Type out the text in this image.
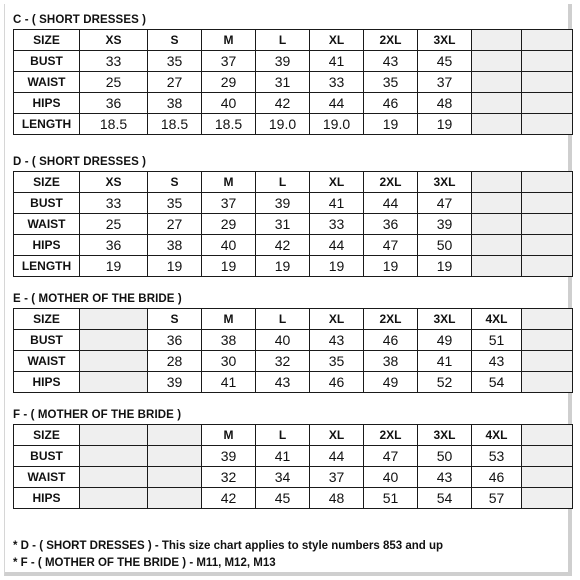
C - ( SHORT DRESSES )
SIZE	XS	S	M	L	XL	2XL	3XL		
BUST	33	35	37	39	41	43	45		
WAIST	25	27	29	31	33	35	37		
HIPS	36	38	40	42	44	46	48		
LENGTH	18.5	18.5	18.5	19.0	19.0	19	19		
D - ( SHORT DRESSES )
SIZE	XS	S	M	L	XL	2XL	3XL		
BUST	33	35	37	39	41	44	47		
WAIST	25	27	29	31	33	36	39		
HIPS	36	38	40	42	44	47	50		
LENGTH	19	19	19	19	19	19	19		
E - ( MOTHER OF THE BRIDE )
SIZE		S	M	L	XL	2XL	3XL	4XL	
BUST		36	38	40	43	46	49	51	
WAIST		28	30	32	35	38	41	43	
HIPS		39	41	43	46	49	52	54	
F - ( MOTHER OF THE BRIDE )
SIZE			M	L	XL	2XL	3XL	4XL	
BUST			39	41	44	47	50	53	
WAIST			32	34	37	40	43	46	
HIPS			42	45	48	51	54	57	
* D - ( SHORT DRESSES ) - This size chart applies to style numbers 853 and up
* F - ( MOTHER OF THE BRIDE ) - M11, M12, M13
